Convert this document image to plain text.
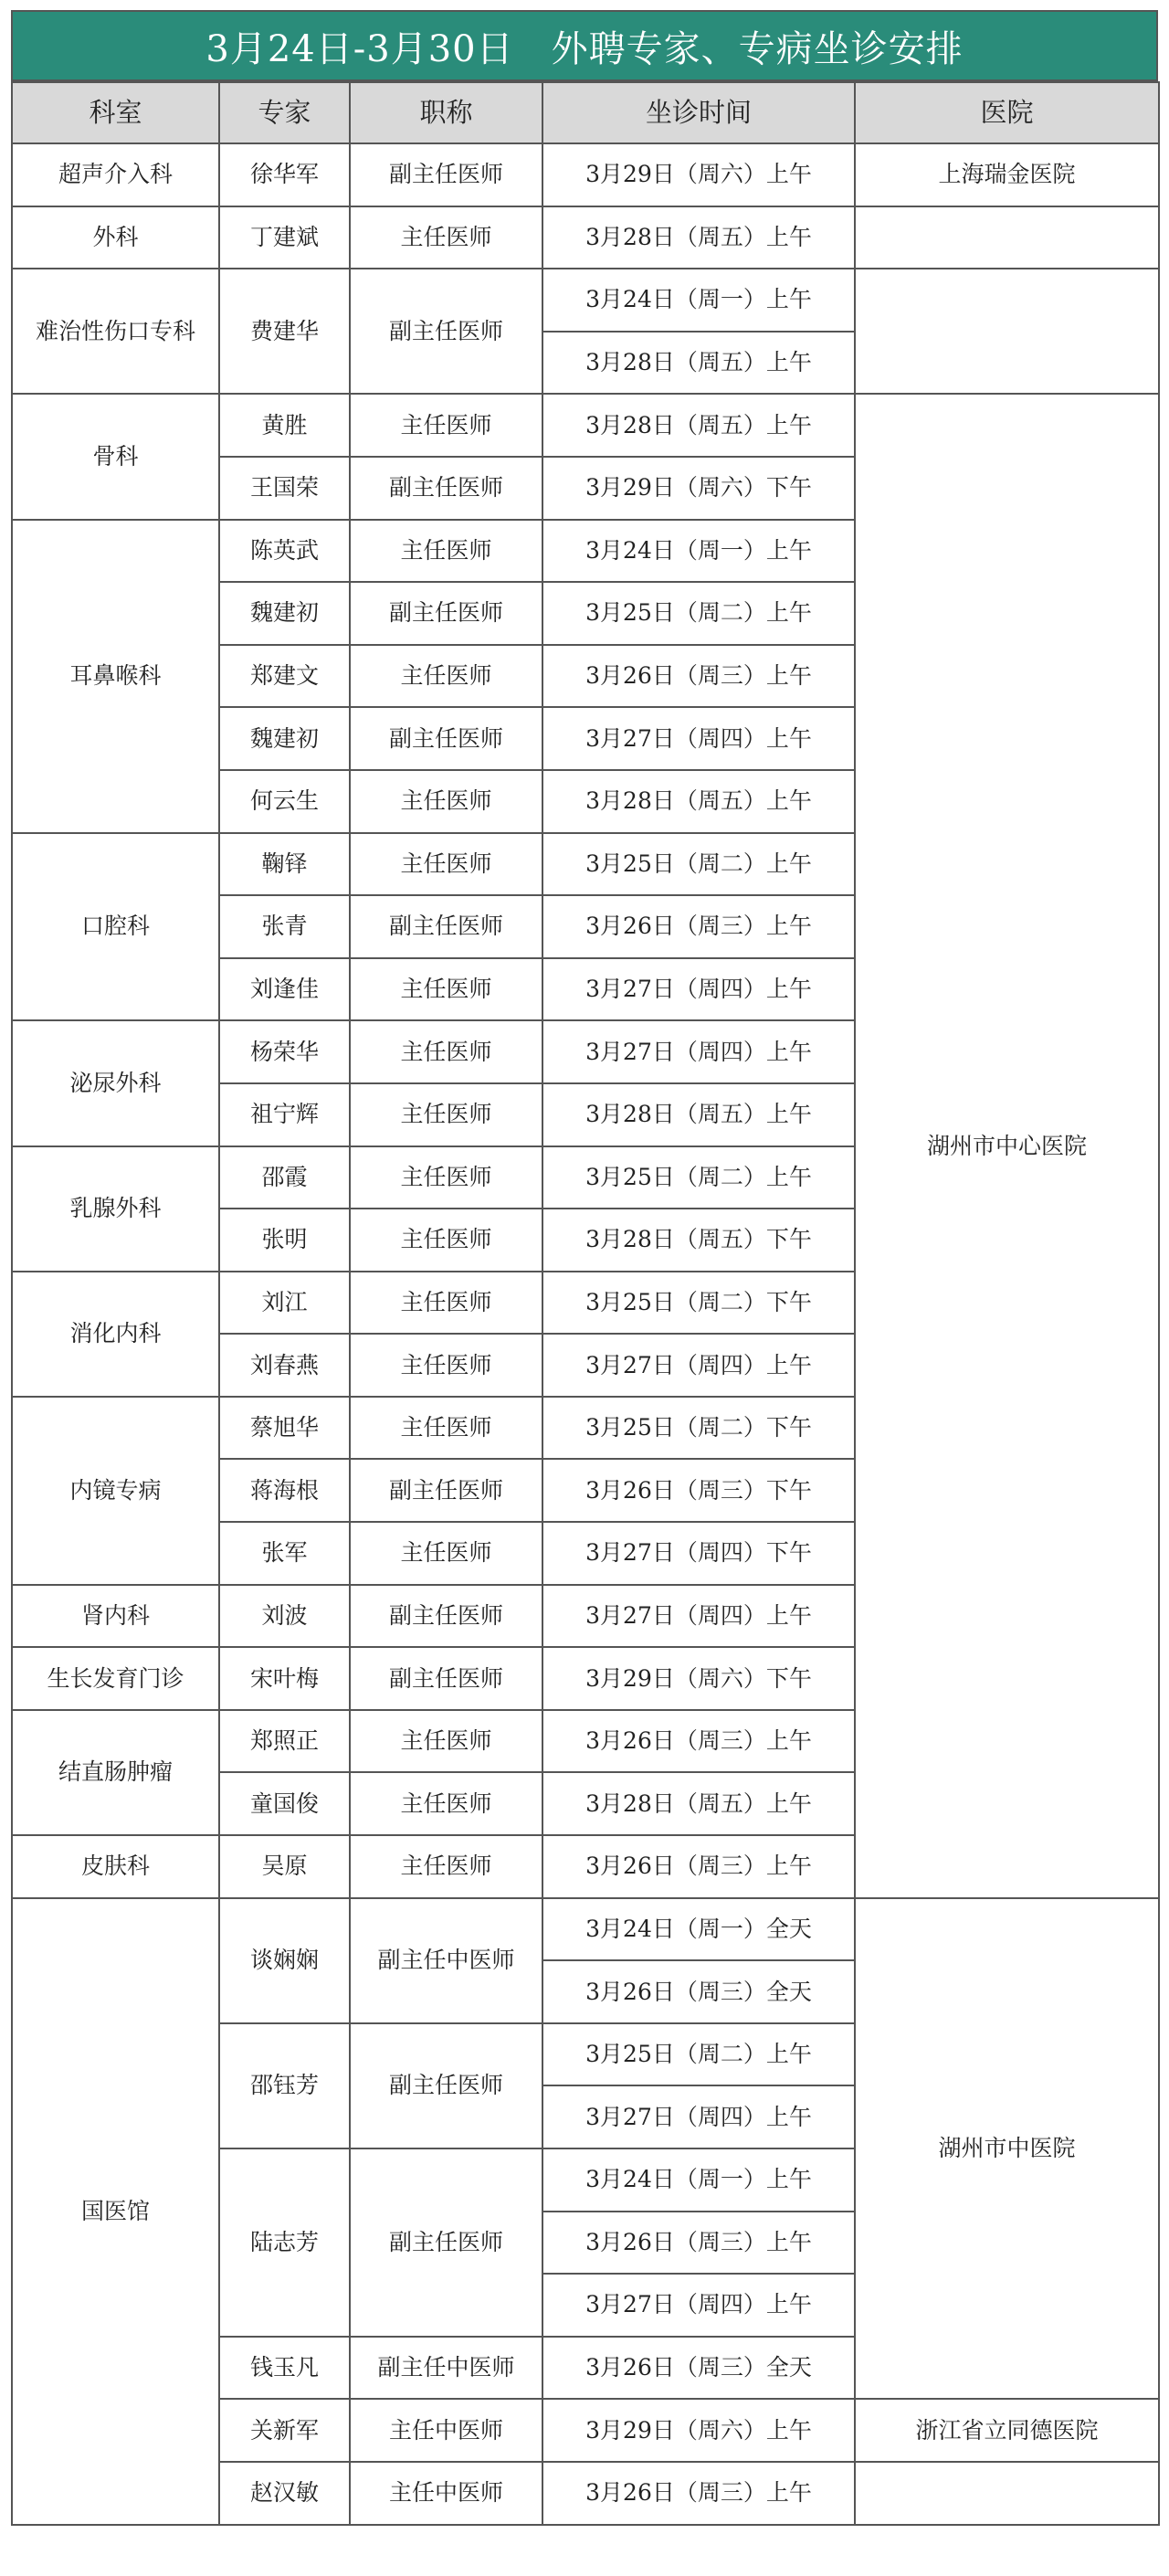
3月24日-3月30日　外聘专家、专病坐诊安排
科室	专家	职称	坐诊时间	医院
超声介入科	徐华军	副主任医师	3月29日（周六）上午	上海瑞金医院
外科	丁建斌	主任医师	3月28日（周五）上午	
难治性伤口专科	费建华	副主任医师	3月24日（周一）上午	
			3月28日（周五）上午	
骨科	黄胜	主任医师	3月28日（周五）上午	湖州市中心医院
	王国荣	副主任医师	3月29日（周六）下午	
耳鼻喉科	陈英武	主任医师	3月24日（周一）上午	
	魏建初	副主任医师	3月25日（周二）上午	
	郑建文	主任医师	3月26日（周三）上午	
	魏建初	副主任医师	3月27日（周四）上午	
	何云生	主任医师	3月28日（周五）上午	
口腔科	鞠铎	主任医师	3月25日（周二）上午	
	张青	副主任医师	3月26日（周三）上午	
	刘逢佳	主任医师	3月27日（周四）上午	
泌尿外科	杨荣华	主任医师	3月27日（周四）上午	
	祖宁辉	主任医师	3月28日（周五）上午	
乳腺外科	邵霞	主任医师	3月25日（周二）上午	
	张明	主任医师	3月28日（周五）下午	
消化内科	刘江	主任医师	3月25日（周二）下午	
	刘春燕	主任医师	3月27日（周四）上午	
内镜专病	蔡旭华	主任医师	3月25日（周二）下午	
	蒋海根	副主任医师	3月26日（周三）下午	
	张军	主任医师	3月27日（周四）下午	
肾内科	刘波	副主任医师	3月27日（周四）上午	
生长发育门诊	宋叶梅	副主任医师	3月29日（周六）下午	
结直肠肿瘤	郑照正	主任医师	3月26日（周三）上午	
	童国俊	主任医师	3月28日（周五）上午	
皮肤科	吴原	主任医师	3月26日（周三）上午	
国医馆	谈娴娴	副主任中医师	3月24日（周一）全天	湖州市中医院
			3月26日（周三）全天	
	邵钰芳	副主任医师	3月25日（周二）上午	
			3月27日（周四）上午	
	陆志芳	副主任医师	3月24日（周一）上午	
			3月26日（周三）上午	
			3月27日（周四）上午	
	钱玉凡	副主任中医师	3月26日（周三）全天	
	关新军	主任中医师	3月29日（周六）上午	浙江省立同德医院
	赵汉敏	主任中医师	3月26日（周三）上午	
